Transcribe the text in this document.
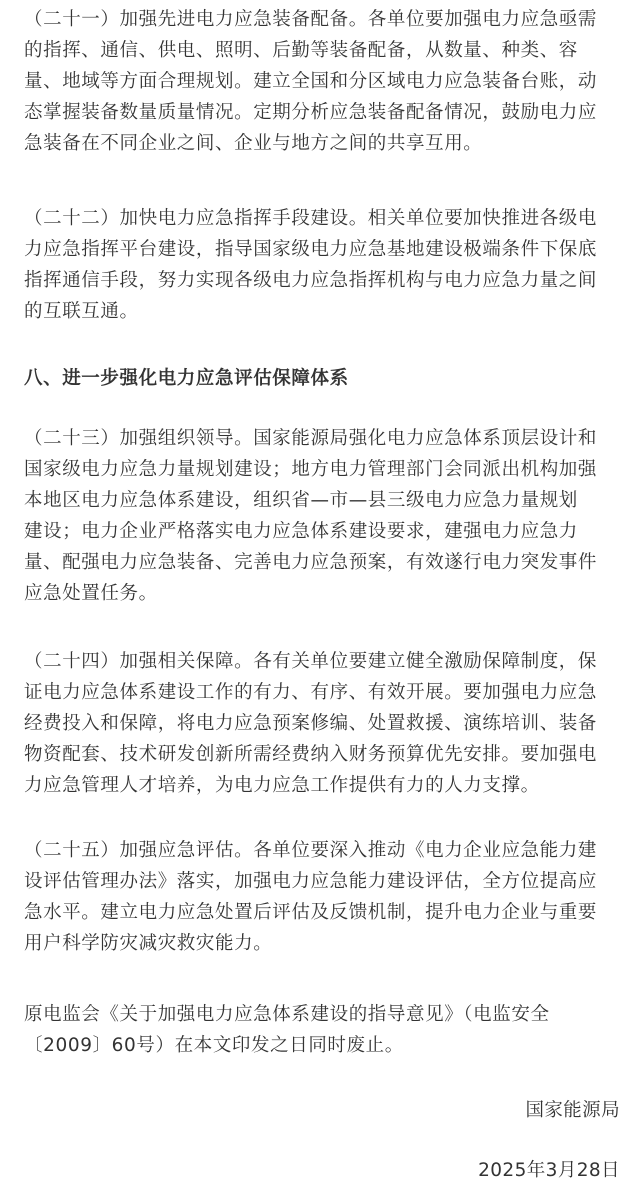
（二十一）加强先进电力应急装备配备。各单位要加强电力应急亟需
的指挥、通信、供电、照明、后勤等装备配备，从数量、种类、容
量、地域等方面合理规划。建立全国和分区域电力应急装备台账，动
态掌握装备数量质量情况。定期分析应急装备配备情况，鼓励电力应
急装备在不同企业之间、企业与地方之间的共享互用。

（二十二）加快电力应急指挥手段建设。相关单位要加快推进各级电
力应急指挥平台建设，指导国家级电力应急基地建设极端条件下保底
指挥通信手段，努力实现各级电力应急指挥机构与电力应急力量之间
的互联互通。

八、进一步强化电力应急评估保障体系

（二十三）加强组织领导。国家能源局强化电力应急体系顶层设计和
国家级电力应急力量规划建设；地方电力管理部门会同派出机构加强
本地区电力应急体系建设，组织省—市—县三级电力应急力量规划
建设；电力企业严格落实电力应急体系建设要求，建强电力应急力
量、配强电力应急装备、完善电力应急预案，有效遂行电力突发事件
应急处置任务。

（二十四）加强相关保障。各有关单位要建立健全激励保障制度，保
证电力应急体系建设工作的有力、有序、有效开展。要加强电力应急
经费投入和保障，将电力应急预案修编、处置救援、演练培训、装备
物资配套、技术研发创新所需经费纳入财务预算优先安排。要加强电
力应急管理人才培养，为电力应急工作提供有力的人力支撑。

（二十五）加强应急评估。各单位要深入推动《电力企业应急能力建
设评估管理办法》落实，加强电力应急能力建设评估，全方位提高应
急水平。建立电力应急处置后评估及反馈机制，提升电力企业与重要
用户科学防灾减灾救灾能力。

原电监会《关于加强电力应急体系建设的指导意见》（电监安全
〔2009〕60号）在本文印发之日同时废止。

国家能源局

2025年3月28日
